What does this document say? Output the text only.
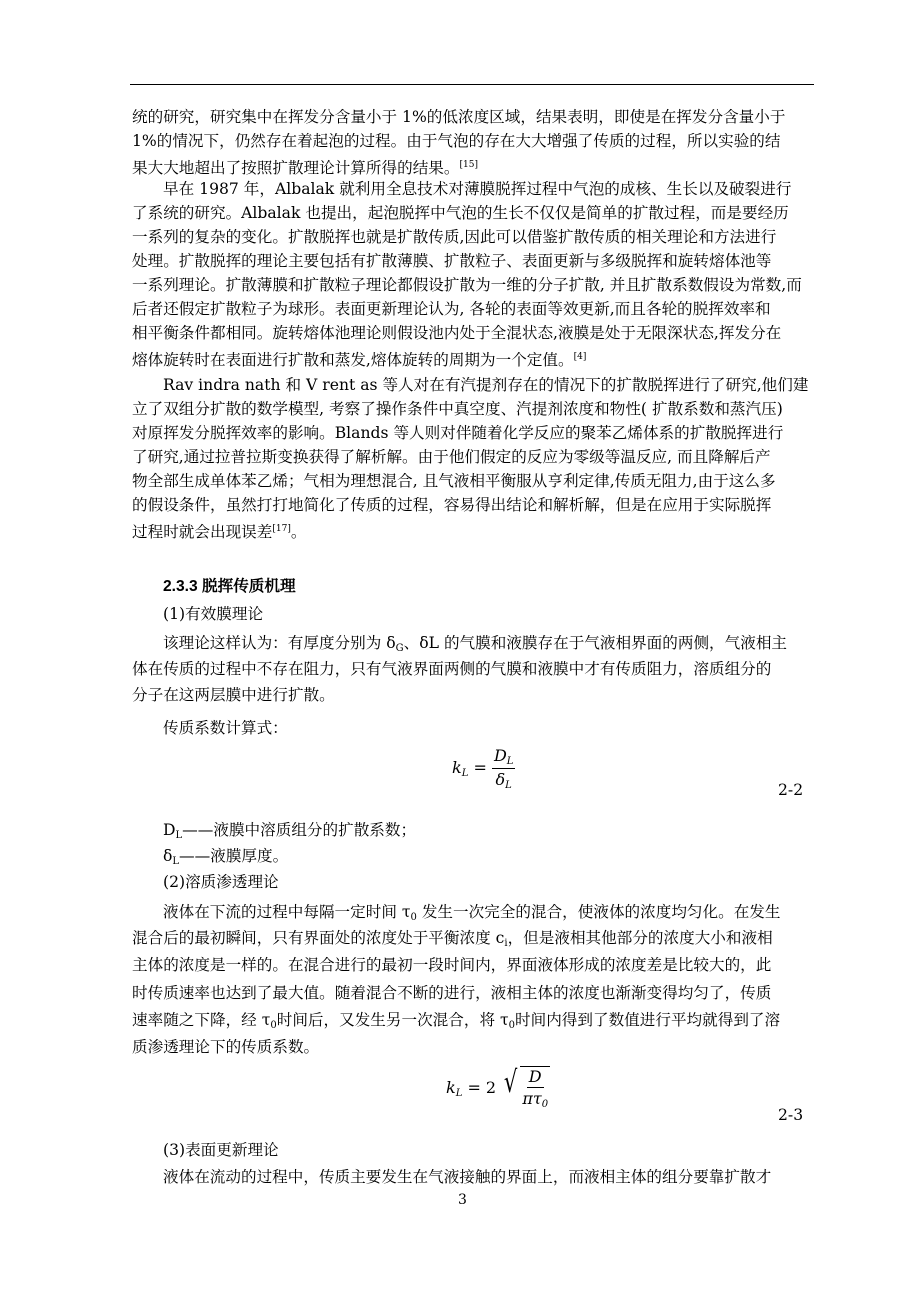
统的研究，研究集中在挥发分含量小于 1%的低浓度区域，结果表明，即使是在挥发分含量小于
1%的情况下，仍然存在着起泡的过程。由于气泡的存在大大增强了传质的过程，所以实验的结
果大大地超出了按照扩散理论计算所得的结果。[15]
早在 1987 年，Albalak 就利用全息技术对薄膜脱挥过程中气泡的成核、生长以及破裂进行
了系统的研究。Albalak 也提出，起泡脱挥中气泡的生长不仅仅是简单的扩散过程，而是要经历
一系列的复杂的变化。扩散脱挥也就是扩散传质,因此可以借鉴扩散传质的相关理论和方法进行
处理。扩散脱挥的理论主要包括有扩散薄膜、扩散粒子、表面更新与多级脱挥和旋转熔体池等
一系列理论。扩散薄膜和扩散粒子理论都假设扩散为一维的分子扩散, 并且扩散系数假设为常数,而
后者还假定扩散粒子为球形。表面更新理论认为, 各轮的表面等效更新,而且各轮的脱挥效率和
相平衡条件都相同。旋转熔体池理论则假设池内处于全混状态,液膜是处于无限深状态,挥发分在
熔体旋转时在表面进行扩散和蒸发,熔体旋转的周期为一个定值。[4]
Rav indra nath 和 V rent as 等人对在有汽提剂存在的情况下的扩散脱挥进行了研究,他们建
立了双组分扩散的数学模型, 考察了操作条件中真空度、汽提剂浓度和物性( 扩散系数和蒸汽压)
对原挥发分脱挥效率的影响。Blands 等人则对伴随着化学反应的聚苯乙烯体系的扩散脱挥进行
了研究,通过拉普拉斯变换获得了解析解。由于他们假定的反应为零级等温反应, 而且降解后产
物全部生成单体苯乙烯；气相为理想混合, 且气液相平衡服从亨利定律,传质无阻力,由于这么多
的假设条件，虽然打打地简化了传质的过程，容易得出结论和解析解，但是在应用于实际脱挥
过程时就会出现误差[17]。
2.3.3 脱挥传质机理
(1)有效膜理论
该理论这样认为：有厚度分别为 $\delta_G$、δL 的气膜和液膜存在于气液相界面的两侧，气液相主
体在传质的过程中不存在阻力，只有气液界面两侧的气膜和液膜中才有传质阻力，溶质组分的
分子在这两层膜中进行扩散。
传质系数计算式：
$k_L = \frac{D_L}{\delta_L}$	2-2
$D_L——$液膜中溶质组分的扩散系数；
$\delta_L——$液膜厚度。
(2)溶质渗透理论
液体在下流的过程中每隔一定时间 $\tau_0$ 发生一次完全的混合，使液体的浓度均匀化。在发生
混合后的最初瞬间，只有界面处的浓度处于平衡浓度 $c_i$，但是液相其他部分的浓度大小和液相
主体的浓度是一样的。在混合进行的最初一段时间内，界面液体形成的浓度差是比较大的，此
时传质速率也达到了最大值。随着混合不断的进行，液相主体的浓度也渐渐变得均匀了，传质
速率随之下降，经 $\tau_0$时间后，又发生另一次混合，将 $\tau_0$时间内得到了数值进行平均就得到了溶
质渗透理论下的传质系数。
$k_L = 2$ √ $\frac{D}{\pi\tau_0}$
2-3
(3)表面更新理论
液体在流动的过程中，传质主要发生在气液接触的界面上，而液相主体的组分要靠扩散才
3
